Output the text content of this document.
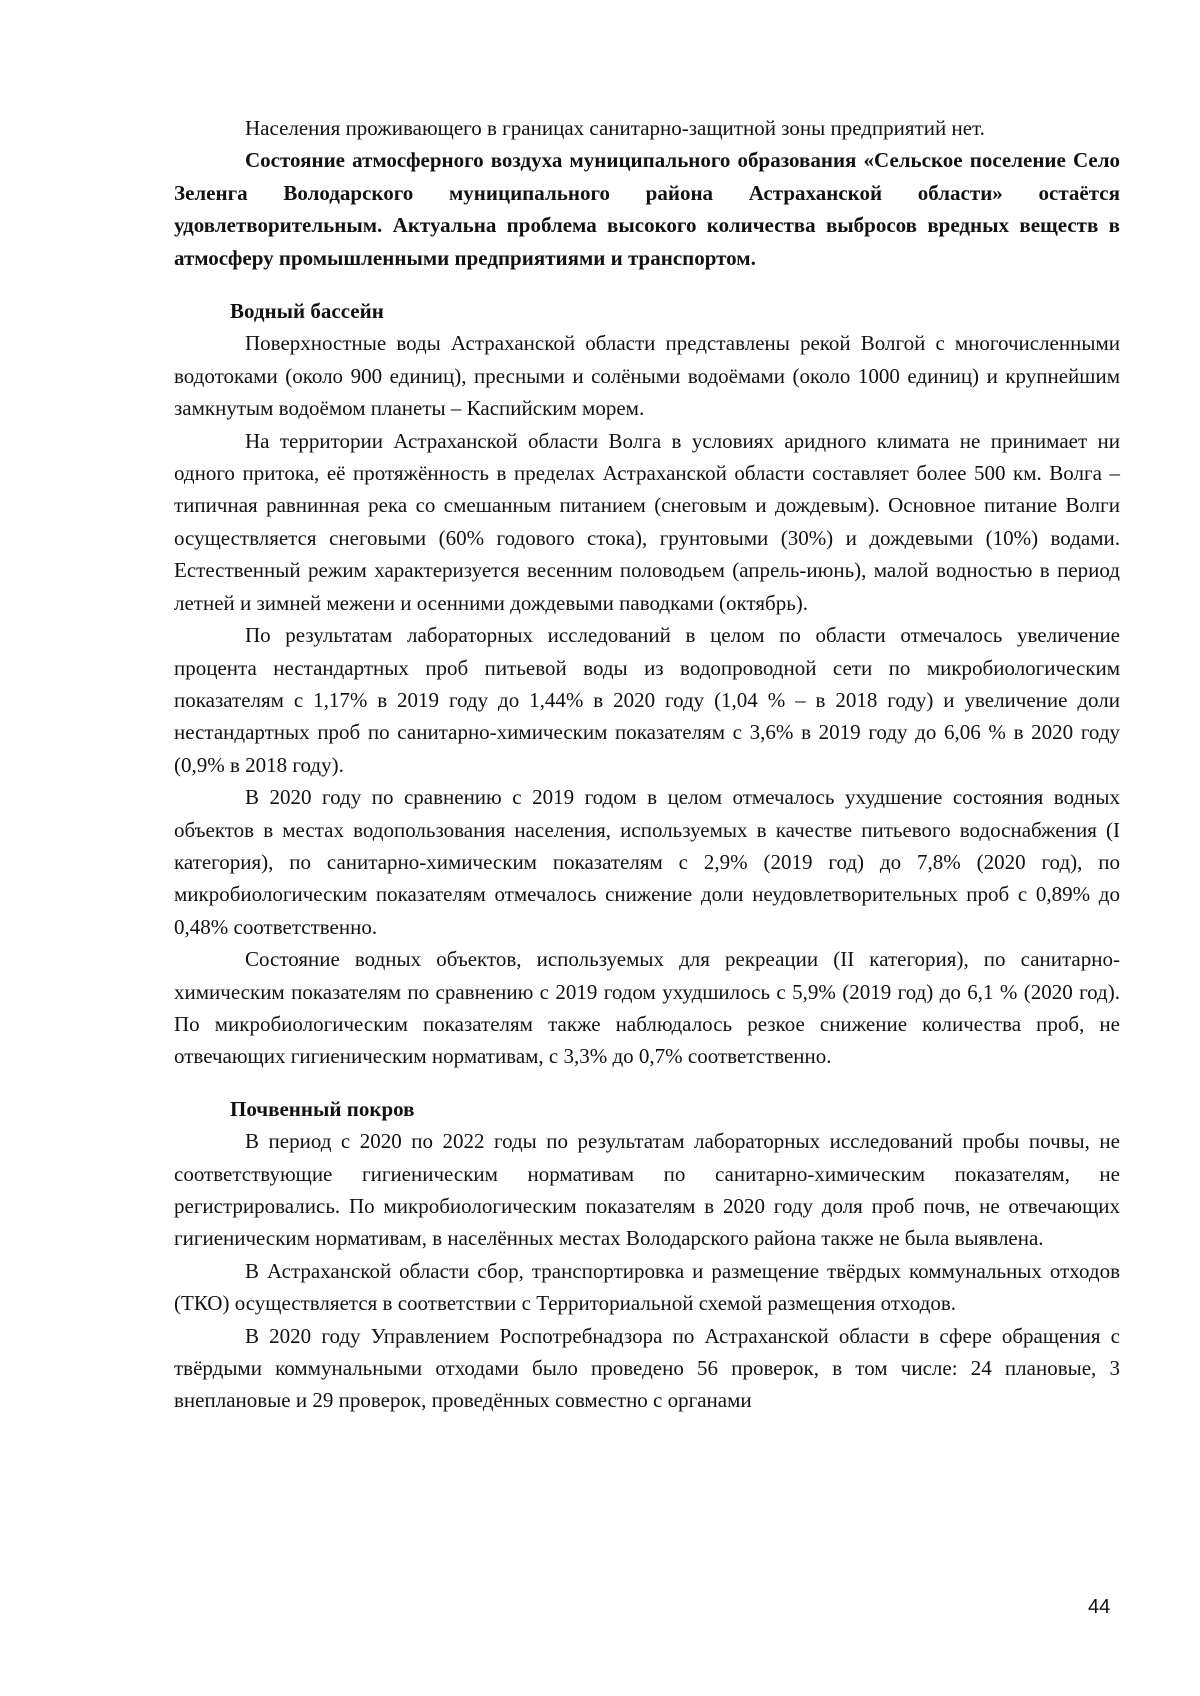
Населения проживающего в границах санитарно-защитной зоны предприятий нет.

Состояние атмосферного воздуха муниципального образования «Сельское поселение Село Зеленга Володарского муниципального района Астраханской области» остаётся удовлетворительным. Актуальна проблема высокого количества выбросов вредных веществ в атмосферу промышленными предприятиями и транспортом.

Водный бассейн

Поверхностные воды Астраханской области представлены рекой Волгой с многочисленными водотоками (около 900 единиц), пресными и солёными водоёмами (около 1000 единиц) и крупнейшим замкнутым водоёмом планеты – Каспийским морем.

На территории Астраханской области Волга в условиях аридного климата не принимает ни одного притока, её протяжённость в пределах Астраханской области составляет более 500 км. Волга – типичная равнинная река со смешанным питанием (снеговым и дождевым). Основное питание Волги осуществляется снеговыми (60% годового стока), грунтовыми (30%) и дождевыми (10%) водами. Естественный режим характеризуется весенним половодьем (апрель-июнь), малой водностью в период летней и зимней межени и осенними дождевыми паводками (октябрь).

По результатам лабораторных исследований в целом по области отмечалось увеличение процента нестандартных проб питьевой воды из водопроводной сети по микробиологическим показателям с 1,17% в 2019 году до 1,44% в 2020 году (1,04 % – в 2018 году) и увеличение доли нестандартных проб по санитарно-химическим показателям с 3,6% в 2019 году до 6,06 % в 2020 году (0,9% в 2018 году).

В 2020 году по сравнению с 2019 годом в целом отмечалось ухудшение состояния водных объектов в местах водопользования населения, используемых в качестве питьевого водоснабжения (I категория), по санитарно-химическим показателям с 2,9% (2019 год) до 7,8% (2020 год), по микробиологическим показателям отмечалось снижение доли неудовлетворительных проб с 0,89% до 0,48% соответственно.

Состояние водных объектов, используемых для рекреации (II категория), по санитарно-химическим показателям по сравнению с 2019 годом ухудшилось с 5,9% (2019 год) до 6,1 % (2020 год). По микробиологическим показателям также наблюдалось резкое снижение количества проб, не отвечающих гигиеническим нормативам, с 3,3% до 0,7% соответственно.

Почвенный покров

В период с 2020 по 2022 годы по результатам лабораторных исследований пробы почвы, не соответствующие гигиеническим нормативам по санитарно-химическим показателям, не регистрировались. По микробиологическим показателям в 2020 году доля проб почв, не отвечающих гигиеническим нормативам, в населённых местах Володарского района также не была выявлена.

В Астраханской области сбор, транспортировка и размещение твёрдых коммунальных отходов (ТКО) осуществляется в соответствии с Территориальной схемой размещения отходов.

В 2020 году Управлением Роспотребнадзора по Астраханской области в сфере обращения с твёрдыми коммунальными отходами было проведено 56 проверок, в том числе: 24 плановые, 3 внеплановые и 29 проверок, проведённых совместно с органами

44
